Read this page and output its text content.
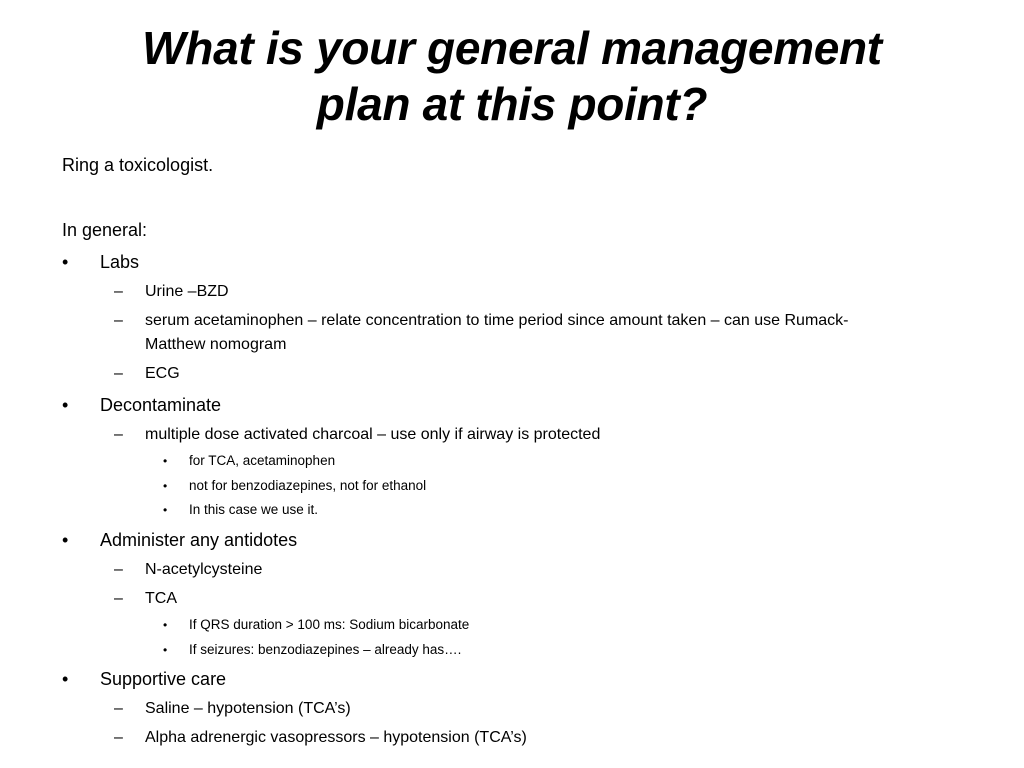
What is your general management
plan at this point?
Ring a toxicologist.
In general:
• Labs
– Urine –BZD
– serum acetaminophen – relate concentration to time period since amount taken – can use Rumack-
Matthew nomogram
– ECG
• Decontaminate
– multiple dose activated charcoal – use only if airway is protected
• for TCA, acetaminophen
• not for benzodiazepines, not for ethanol
• In this case we use it.
• Administer any antidotes
– N-acetylcysteine
– TCA
• If QRS duration > 100 ms: Sodium bicarbonate
• If seizures: benzodiazepines – already has….
• Supportive care
– Saline – hypotension (TCA’s)
– Alpha adrenergic vasopressors – hypotension (TCA’s)
